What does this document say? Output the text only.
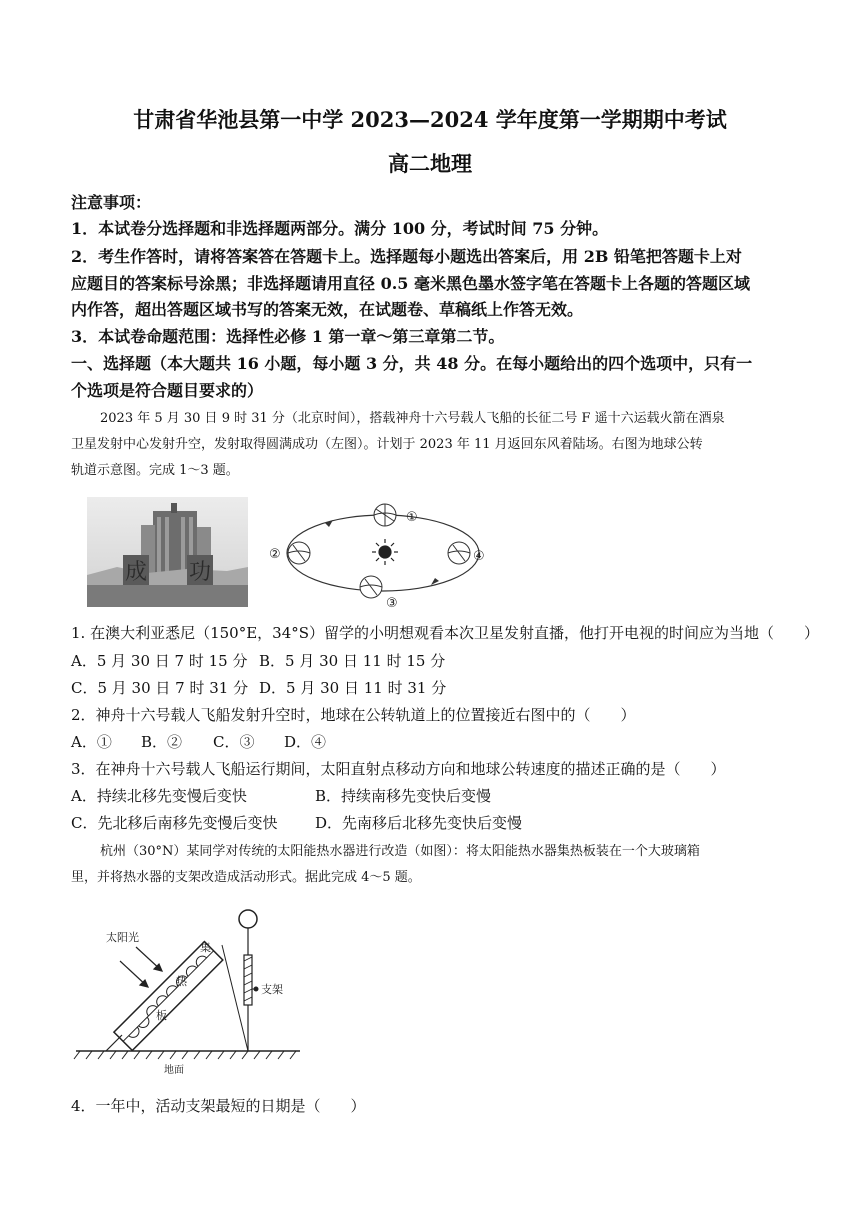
甘肃省华池县第一中学 2023—2024 学年度第一学期期中考试
高二地理
注意事项：
1．本试卷分选择题和非选择题两部分。满分 100 分，考试时间 75 分钟。
2．考生作答时，请将答案答在答题卡上。选择题每小题选出答案后，用 2B 铅笔把答题卡上对
应题目的答案标号涂黑；非选择题请用直径 0.5 毫米黑色墨水签字笔在答题卡上各题的答题区域
内作答，超出答题区域书写的答案无效，在试题卷、草稿纸上作答无效。
3．本试卷命题范围：选择性必修 1 第一章～第三章第二节。
一、选择题（本大题共 16 小题，每小题 3 分，共 48 分。在每小题给出的四个选项中，只有一
个选项是符合题目要求的）
2023 年 5 月 30 日 9 时 31 分（北京时间），搭载神舟十六号载人飞船的长征二号 F 遥十六运载火箭在酒泉
卫星发射中心发射升空，发射取得圆满成功（左图）。计划于 2023 年 11 月返回东风着陆场。右图为地球公转
轨道示意图。完成 1～3 题。
成 功
①
②
③
④
1. 在澳大利亚悉尼（150°E，34°S）留学的小明想观看本次卫星发射直播，他打开电视的时间应为当地（　　）
A．5 月 30 日 7 时 15 分 B．5 月 30 日 11 时 15 分
C．5 月 30 日 7 时 31 分 D．5 月 30 日 11 时 31 分
2．神舟十六号载人飞船发射升空时，地球在公转轨道上的位置接近右图中的（　　）
A．① B．② C．③ D．④
3．在神舟十六号载人飞船运行期间，太阳直射点移动方向和地球公转速度的描述正确的是（　　）
A．持续北移先变慢后变快	B．持续南移先变快后变慢
C．先北移后南移先变慢后变快	D．先南移后北移先变快后变慢
杭州（30°N）某同学对传统的太阳能热水器进行改造（如图）：将太阳能热水器集热板装在一个大玻璃箱
里，并将热水器的支架改造成活动形式。据此完成 4～5 题。
太阳光
集
热
板
支架
地面
4．一年中，活动支架最短的日期是（　　）
